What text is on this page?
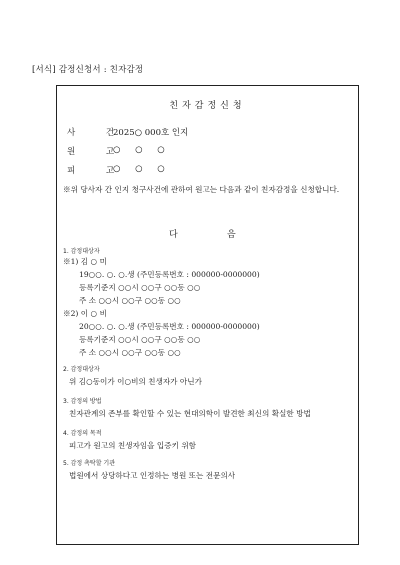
[서식] 감정신청서 : 친자감정
친자감정신청
사 건
2025○ 000호 인지
원 고
○ ○ ○
피 고
○ ○ ○
※위 당사자 간 인지 청구사건에 관하여 원고는 다음과 같이 친자감정을 신청합니다.
다	음
1. 감정대상자
※1) 김 ○ 미
19○○. ○. ○.생 (주민등록번호 : 000000-0000000)
등록기준지 ○○시 ○○구 ○○동 ○○
주 소 ○○시 ○○구 ○○동 ○○
※2) 이 ○ 비
20○○. ○. ○.생 (주민등록번호 : 000000-0000000)
등록기준지 ○○시 ○○구 ○○동 ○○
주 소 ○○시 ○○구 ○○동 ○○
2. 감정대상자
위 김○동이가 이○비의 친생자가 아닌가
3. 감정의 방법
친자관계의 존부를 확인할 수 있는 현대의학이 발견한 최신의 확실한 방법
4. 감정의 목적
피고가 원고의 친생자임을 입증키 위함
5. 감정 촉탁할 기관
법원에서 상당하다고 인정하는 병원 또는 전문의사
